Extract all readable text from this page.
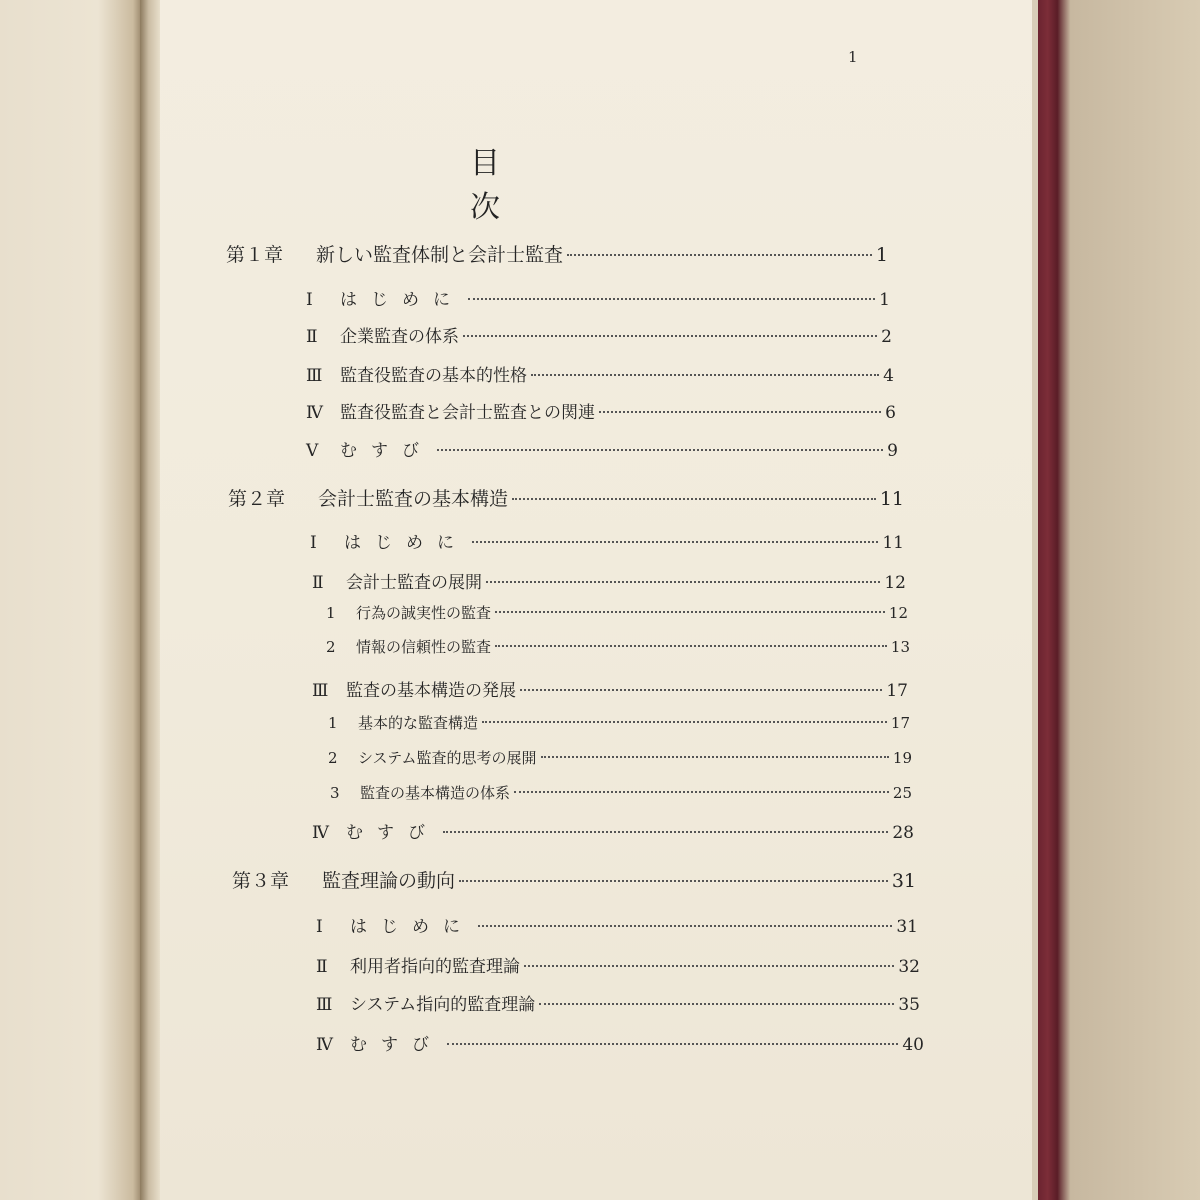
1
目　次
第１章	新しい監査体制と会計士監査	1
Ⅰ	はじめに	1
Ⅱ	企業監査の体系	2
Ⅲ	監査役監査の基本的性格	4
Ⅳ	監査役監査と会計士監査との関連	6
Ⅴ	むすび	9
第２章	会計士監査の基本構造	11
Ⅰ	はじめに	11
Ⅱ	会計士監査の展開	12
1	行為の誠実性の監査	12
2	情報の信頼性の監査	13
Ⅲ	監査の基本構造の発展	17
1	基本的な監査構造	17
2	システム監査的思考の展開	19
3	監査の基本構造の体系	25
Ⅳ	むすび	28
第３章	監査理論の動向	31
Ⅰ	はじめに	31
Ⅱ	利用者指向的監査理論	32
Ⅲ	システム指向的監査理論	35
Ⅳ	むすび	40
